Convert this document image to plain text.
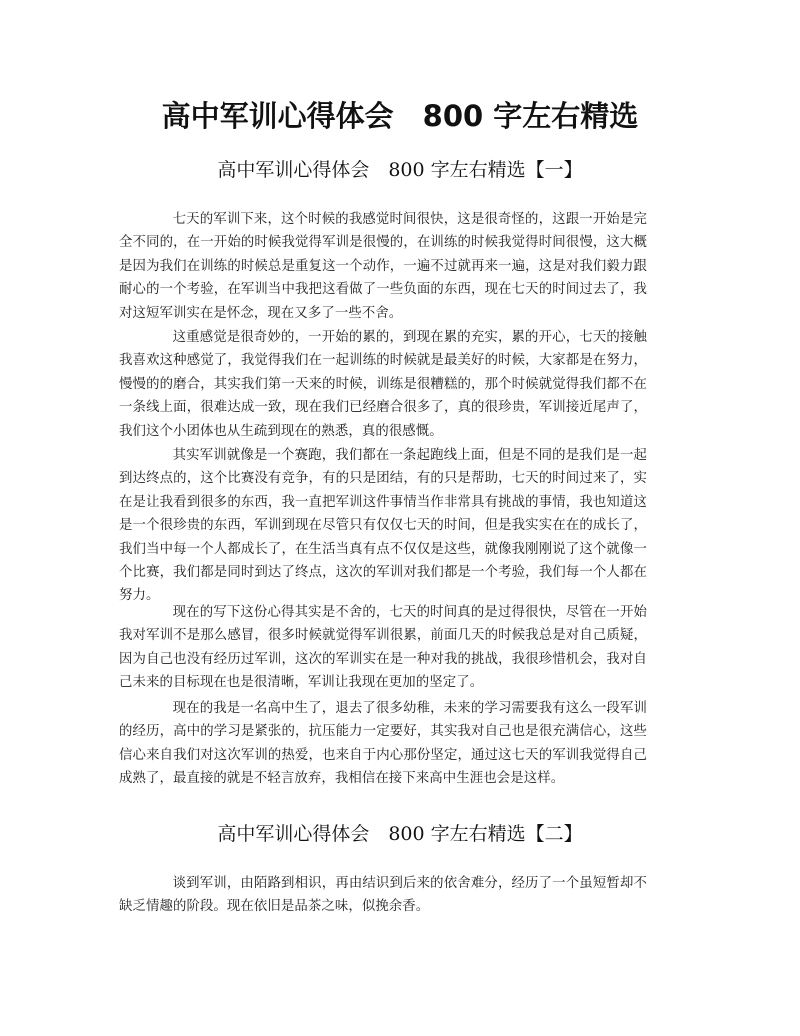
高中军训心得体会　800 字左右精选
高中军训心得体会　800 字左右精选【一】

七天的军训下来，这个时候的我感觉时间很快，这是很奇怪的，这跟一开始是完全不同的，在一开始的时候我觉得军训是很慢的，在训练的时候我觉得时间很慢，这大概是因为我们在训练的时候总是重复这一个动作，一遍不过就再来一遍，这是对我们毅力跟耐心的一个考验，在军训当中我把这看做了一些负面的东西，现在七天的时间过去了，我对这短军训实在是怀念，现在又多了一些不舍。

这重感觉是很奇妙的，一开始的累的，到现在累的充实，累的开心，七天的接触我喜欢这种感觉了，我觉得我们在一起训练的时候就是最美好的时候，大家都是在努力，慢慢的的磨合，其实我们第一天来的时候，训练是很糟糕的，那个时候就觉得我们都不在一条线上面，很难达成一致，现在我们已经磨合很多了，真的很珍贵，军训接近尾声了，我们这个小团体也从生疏到现在的熟悉，真的很感慨。

其实军训就像是一个赛跑，我们都在一条起跑线上面，但是不同的是我们是一起到达终点的，这个比赛没有竞争，有的只是团结，有的只是帮助，七天的时间过来了，实在是让我看到很多的东西，我一直把军训这件事情当作非常具有挑战的事情，我也知道这是一个很珍贵的东西，军训到现在尽管只有仅仅七天的时间，但是我实实在在的成长了，我们当中每一个人都成长了，在生活当真有点不仅仅是这些，就像我刚刚说了这个就像一个比赛，我们都是同时到达了终点，这次的军训对我们都是一个考验，我们每一个人都在努力。

现在的写下这份心得其实是不舍的，七天的时间真的是过得很快，尽管在一开始我对军训不是那么感冒，很多时候就觉得军训很累，前面几天的时候我总是对自己质疑，因为自己也没有经历过军训，这次的军训实在是一种对我的挑战，我很珍惜机会，我对自己未来的目标现在也是很清晰，军训让我现在更加的坚定了。

现在的我是一名高中生了，退去了很多幼稚，未来的学习需要我有这么一段军训的经历，高中的学习是紧张的，抗压能力一定要好，其实我对自己也是很充满信心，这些信心来自我们对这次军训的热爱，也来自于内心那份坚定，通过这七天的军训我觉得自己成熟了，最直接的就是不轻言放弃，我相信在接下来高中生涯也会是这样。

高中军训心得体会　800 字左右精选【二】

谈到军训，由陌路到相识，再由结识到后来的依舍难分，经历了一个虽短暂却不缺乏情趣的阶段。现在依旧是品茶之味，似挽余香。
